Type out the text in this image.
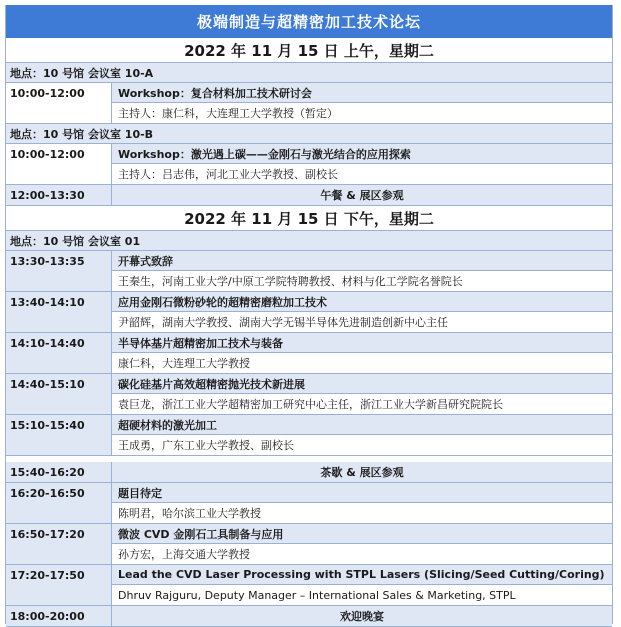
极端制造与超精密加工技术论坛
2022 年 11 月 15 日 上午，星期二
地点：10 号馆 会议室 10-A
10:00-12:00	Workshop：复合材料加工技术研讨会
主持人：康仁科，大连理工大学教授（暂定）
地点：10 号馆 会议室 10-B
10:00-12:00	Workshop：激光遇上碳——金刚石与激光结合的应用探索
主持人：吕志伟，河北工业大学教授、副校长
12:00-13:30	午餐 & 展区参观
2022 年 11 月 15 日 下午，星期二
地点：10 号馆 会议室 01
13:30-13:35	开幕式致辞
王秦生，河南工业大学/中原工学院特聘教授、材料与化工学院名誉院长
13:40-14:10	应用金刚石微粉砂轮的超精密磨粒加工技术
尹韶辉，湖南大学教授、湖南大学无锡半导体先进制造创新中心主任
14:10-14:40	半导体基片超精密加工技术与装备
康仁科，大连理工大学教授
14:40-15:10	碳化硅基片高效超精密抛光技术新进展
袁巨龙，浙江工业大学超精密加工研究中心主任，浙江工业大学新昌研究院院长
15:10-15:40	超硬材料的激光加工
王成勇，广东工业大学教授、副校长
15:40-16:20	茶歇 & 展区参观
16:20-16:50	题目待定
陈明君，哈尔滨工业大学教授
16:50-17:20	微波 CVD 金刚石工具制备与应用
孙方宏，上海交通大学教授
17:20-17:50	Lead the CVD Laser Processing with STPL Lasers (Slicing/Seed Cutting/Coring)
Dhruv Rajguru, Deputy Manager – International Sales & Marketing, STPL
18:00-20:00	欢迎晚宴
